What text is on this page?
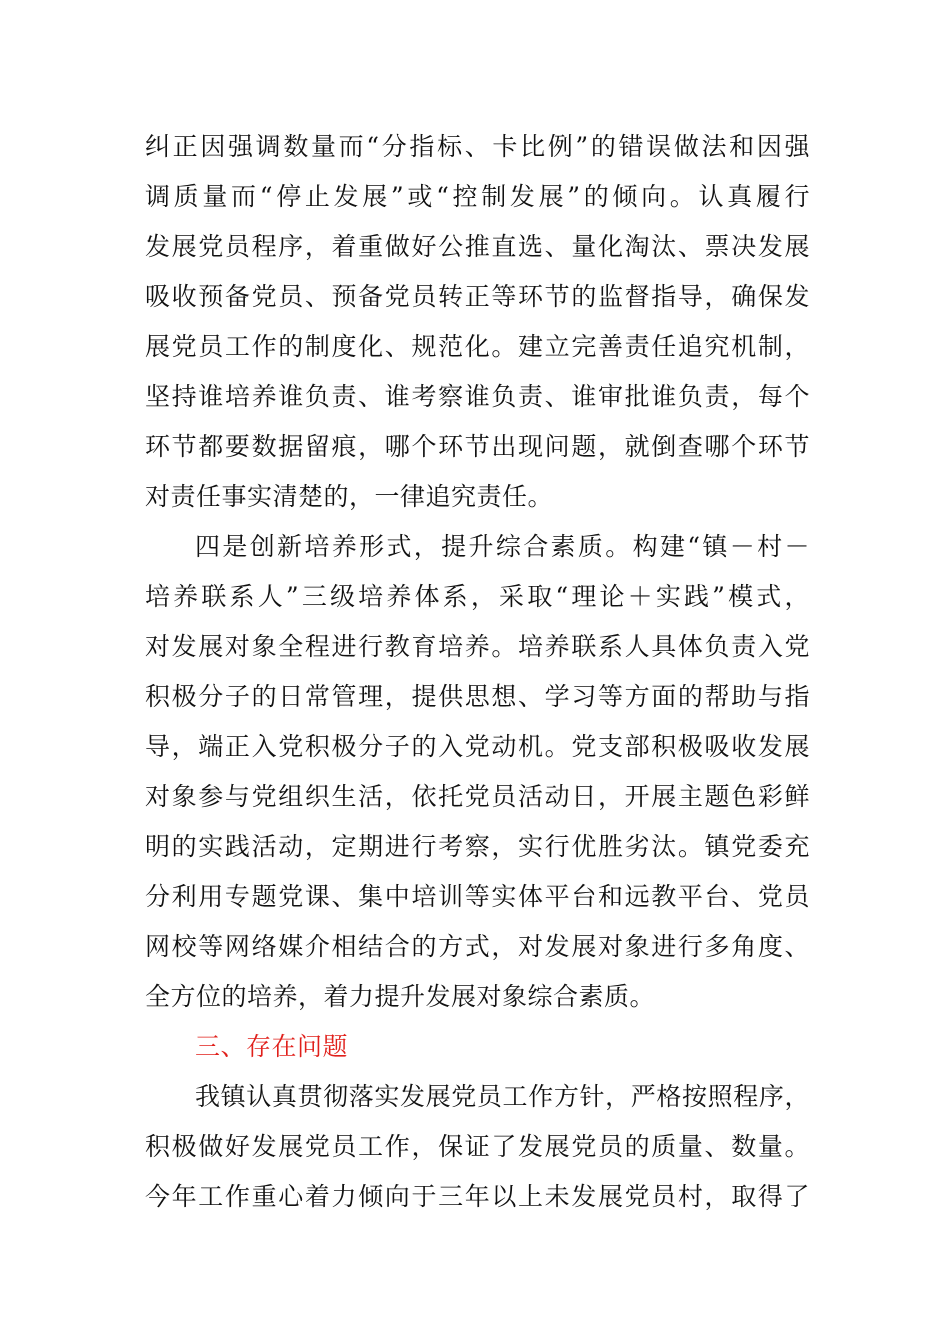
纠正因强调数量而“分指标、卡比例”的错误做法和因强
调质量而“停止发展”或“控制发展”的倾向。认真履行
发展党员程序，着重做好公推直选、量化淘汰、票决发展
吸收预备党员、预备党员转正等环节的监督指导，确保发
展党员工作的制度化、规范化。建立完善责任追究机制，
坚持谁培养谁负责、谁考察谁负责、谁审批谁负责，每个
环节都要数据留痕，哪个环节出现问题，就倒查哪个环节
对责任事实清楚的，一律追究责任。
四是创新培养形式，提升综合素质。构建“镇－村－
培养联系人”三级培养体系，采取“理论＋实践”模式，
对发展对象全程进行教育培养。培养联系人具体负责入党
积极分子的日常管理，提供思想、学习等方面的帮助与指
导，端正入党积极分子的入党动机。党支部积极吸收发展
对象参与党组织生活，依托党员活动日，开展主题色彩鲜
明的实践活动，定期进行考察，实行优胜劣汰。镇党委充
分利用专题党课、集中培训等实体平台和远教平台、党员
网校等网络媒介相结合的方式，对发展对象进行多角度、
全方位的培养，着力提升发展对象综合素质。
三、存在问题
我镇认真贯彻落实发展党员工作方针，严格按照程序，
积极做好发展党员工作，保证了发展党员的质量、数量。
今年工作重心着力倾向于三年以上未发展党员村，取得了
